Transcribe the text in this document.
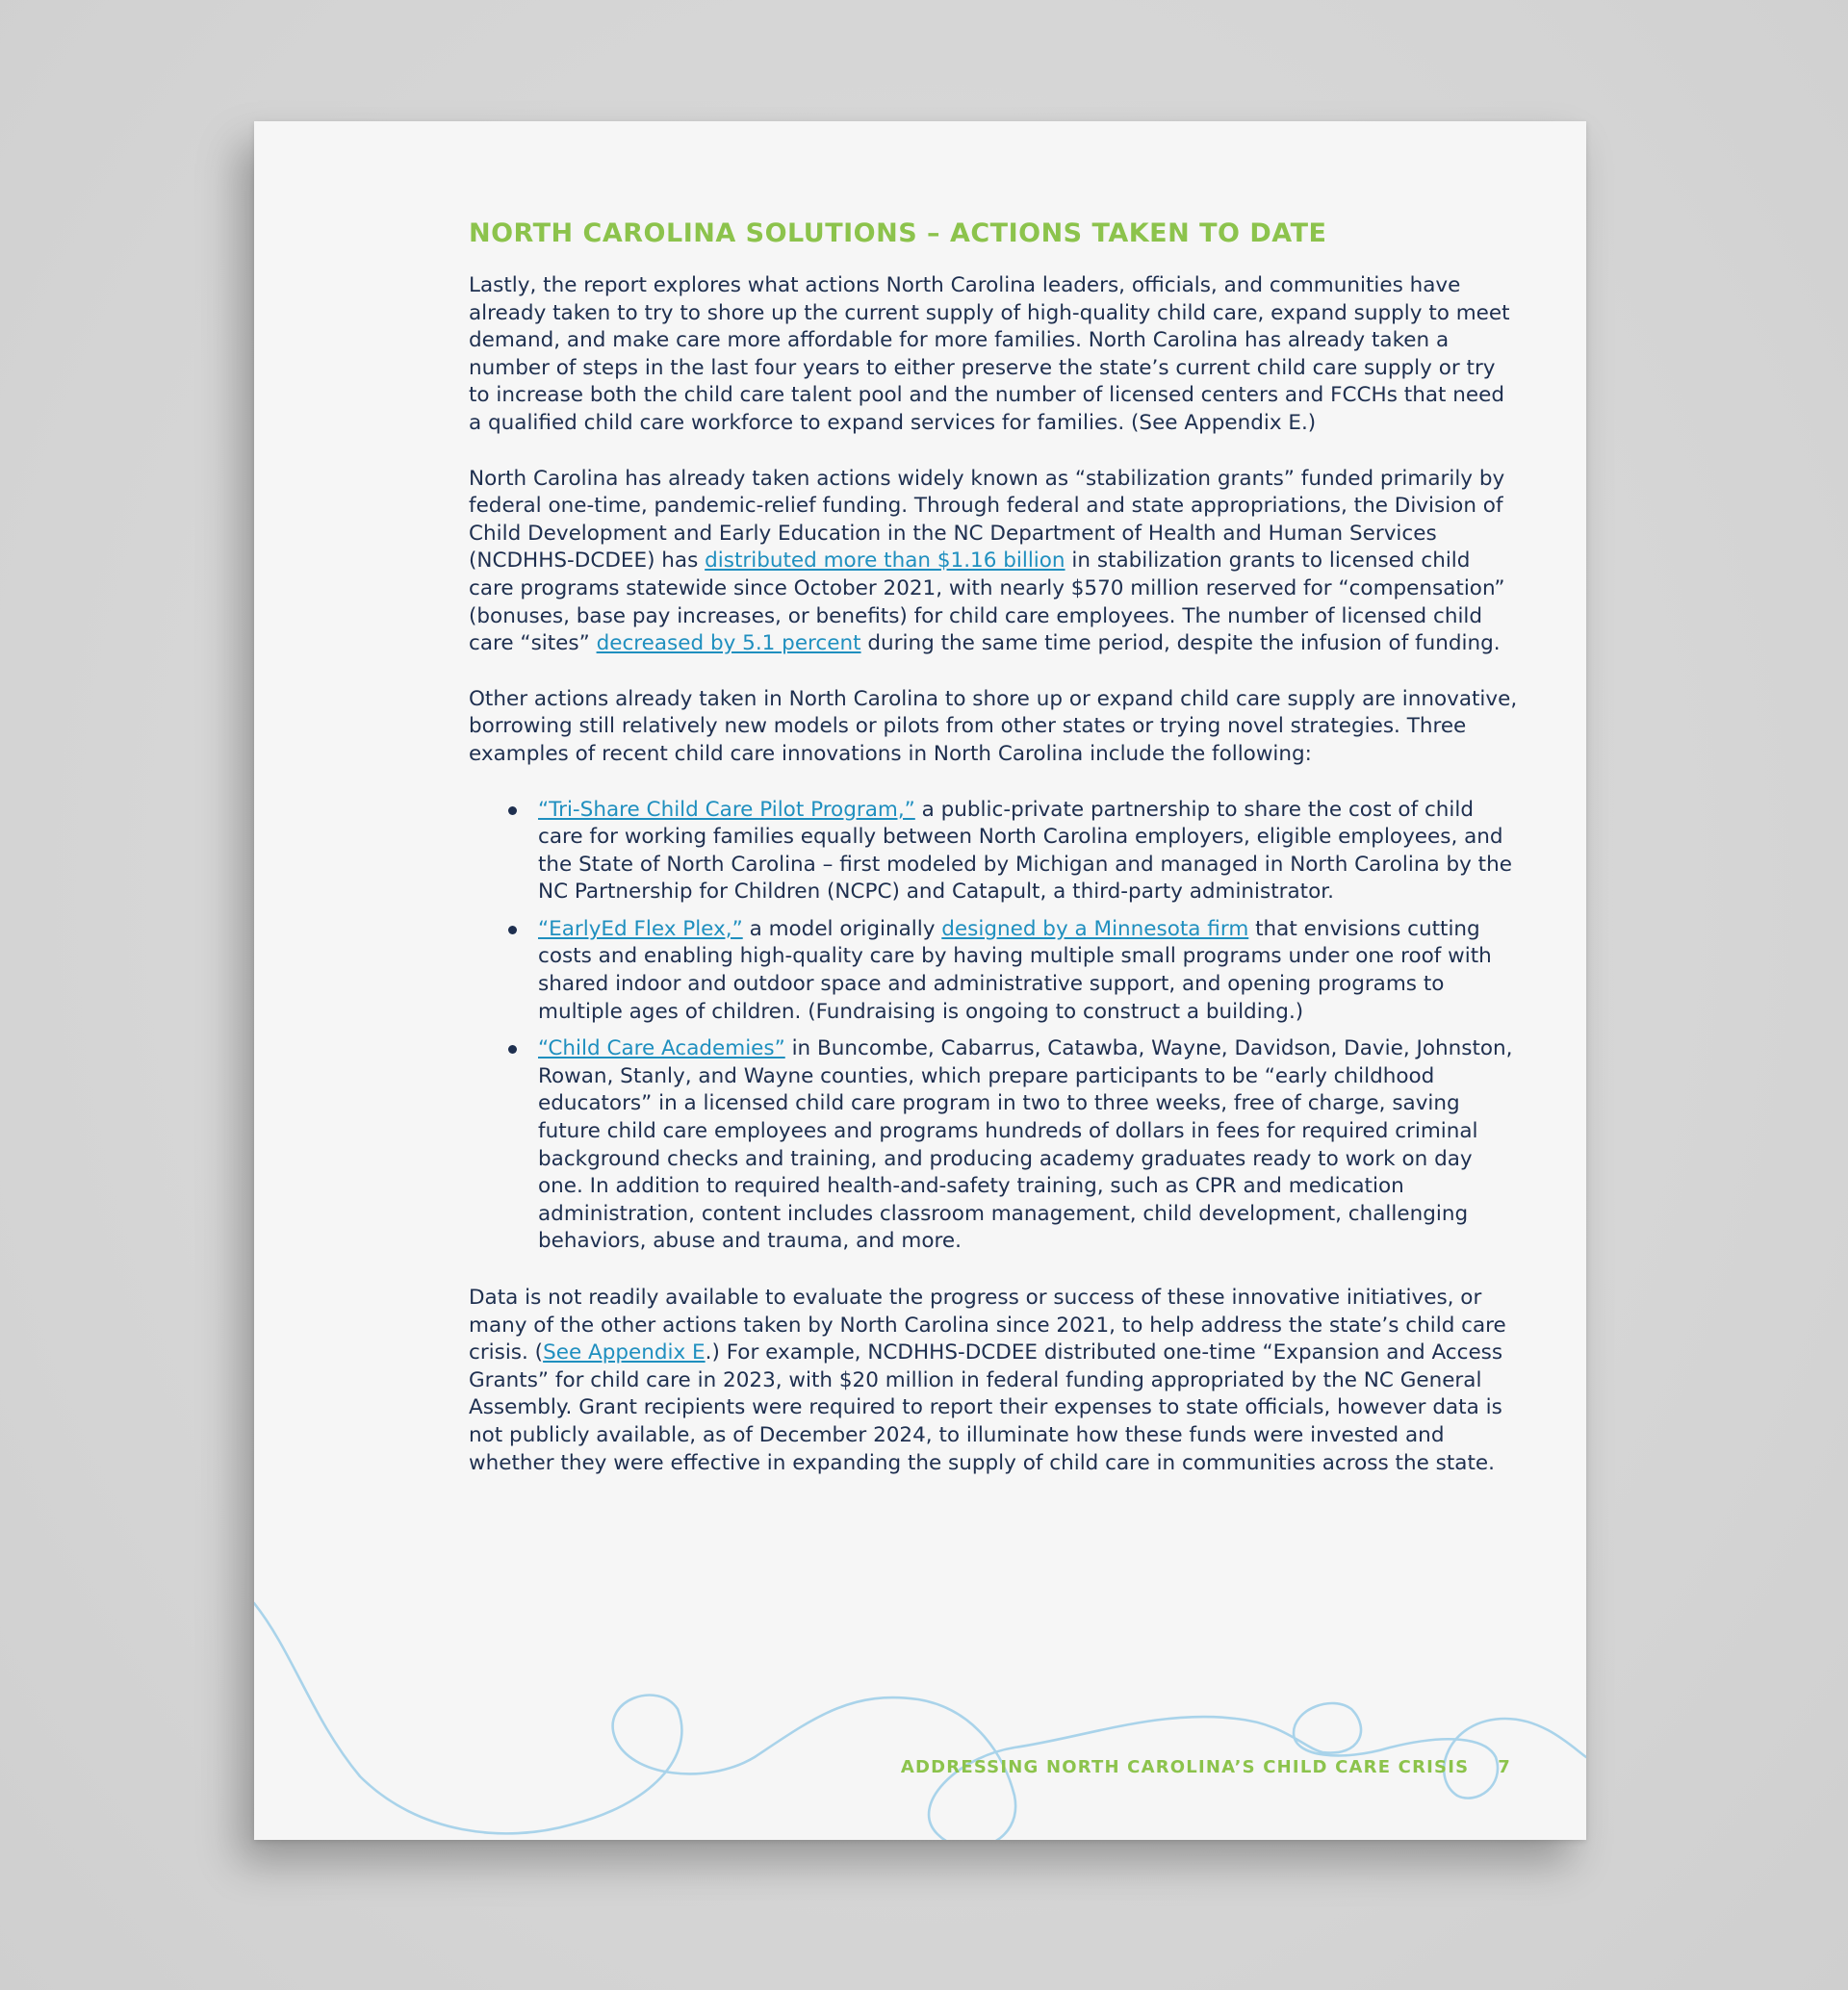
NORTH CAROLINA SOLUTIONS – ACTIONS TAKEN TO DATE

Lastly, the report explores what actions North Carolina leaders, officials, and communities have already taken to try to shore up the current supply of high-quality child care, expand supply to meet demand, and make care more affordable for more families. North Carolina has already taken a number of steps in the last four years to either preserve the state’s current child care supply or try to increase both the child care talent pool and the number of licensed centers and FCCHs that need a qualified child care workforce to expand services for families. (See Appendix E.)

North Carolina has already taken actions widely known as “stabilization grants” funded primarily by federal one-time, pandemic-relief funding. Through federal and state appropriations, the Division of Child Development and Early Education in the NC Department of Health and Human Services (NCDHHS-DCDEE) has distributed more than $1.16 billion in stabilization grants to licensed child care programs statewide since October 2021, with nearly $570 million reserved for “compensation” (bonuses, base pay increases, or benefits) for child care employees. The number of licensed child care “sites” decreased by 5.1 percent during the same time period, despite the infusion of funding.

Other actions already taken in North Carolina to shore up or expand child care supply are innovative, borrowing still relatively new models or pilots from other states or trying novel strategies. Three examples of recent child care innovations in North Carolina include the following:

“Tri-Share Child Care Pilot Program,” a public-private partnership to share the cost of child care for working families equally between North Carolina employers, eligible employees, and the State of North Carolina – first modeled by Michigan and managed in North Carolina by the NC Partnership for Children (NCPC) and Catapult, a third-party administrator.
“EarlyEd Flex Plex,” a model originally designed by a Minnesota firm that envisions cutting costs and enabling high-quality care by having multiple small programs under one roof with shared indoor and outdoor space and administrative support, and opening programs to multiple ages of children. (Fundraising is ongoing to construct a building.)
“Child Care Academies” in Buncombe, Cabarrus, Catawba, Wayne, Davidson, Davie, Johnston, Rowan, Stanly, and Wayne counties, which prepare participants to be “early childhood educators” in a licensed child care program in two to three weeks, free of charge, saving future child care employees and programs hundreds of dollars in fees for required criminal background checks and training, and producing academy graduates ready to work on day one. In addition to required health-and-safety training, such as CPR and medication administration, content includes classroom management, child development, challenging behaviors, abuse and trauma, and more.

Data is not readily available to evaluate the progress or success of these innovative initiatives, or many of the other actions taken by North Carolina since 2021, to help address the state’s child care crisis. (See Appendix E.) For example, NCDHHS-DCDEE distributed one-time “Expansion and Access Grants” for child care in 2023, with $20 million in federal funding appropriated by the NC General Assembly. Grant recipients were required to report their expenses to state officials, however data is not publicly available, as of December 2024, to illuminate how these funds were invested and whether they were effective in expanding the supply of child care in communities across the state.

ADDRESSING NORTH CAROLINA’S CHILD CARE CRISIS 7
